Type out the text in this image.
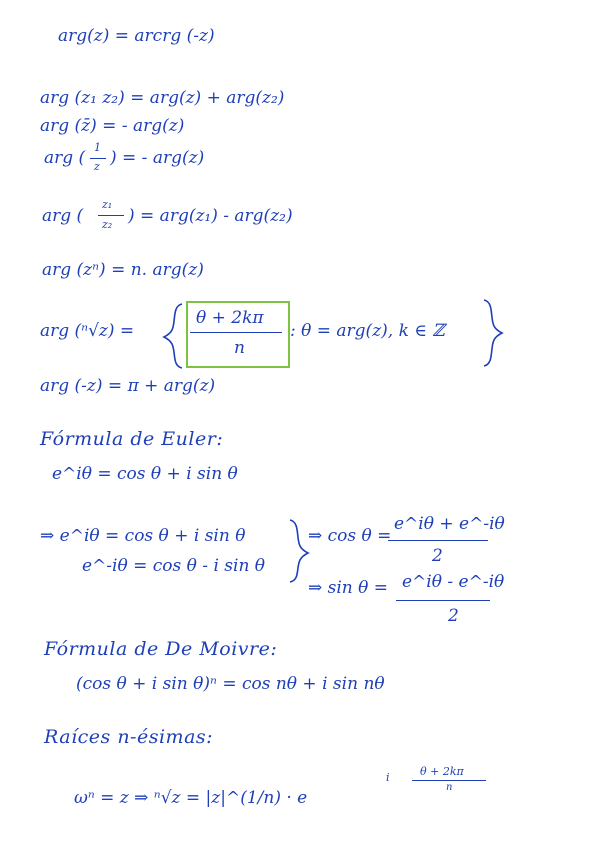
arg(z) = arcrg (-z)
arg (z₁ z₂) = arg(z) + arg(z₂)
arg (z̄) = - arg(z)
arg (
1
z ) = - arg(z)
arg (
z₁
z₂ ) = arg(z₁) - arg(z₂)
arg (zⁿ) = n. arg(z)
arg (ⁿ√z) =
θ + 2kπ
n
: θ = arg(z), k ∈ ℤ
arg (-z) = π + arg(z)
Fórmula de Euler:
e^iθ = cos θ + i sin θ
⇒ e^iθ = cos θ + i sin θ
e^-iθ = cos θ - i sin θ
⇒ cos θ =
e^iθ + e^-iθ
2
⇒ sin θ = e^iθ - e^-iθ
2
Fórmula de De Moivre:
(cos θ + i sin θ)ⁿ = cos nθ + i sin nθ
Raíces n-ésimas:
ωⁿ = z ⇒ ⁿ√z = |z|^(1/n) · e
i	θ + 2kπ
n
